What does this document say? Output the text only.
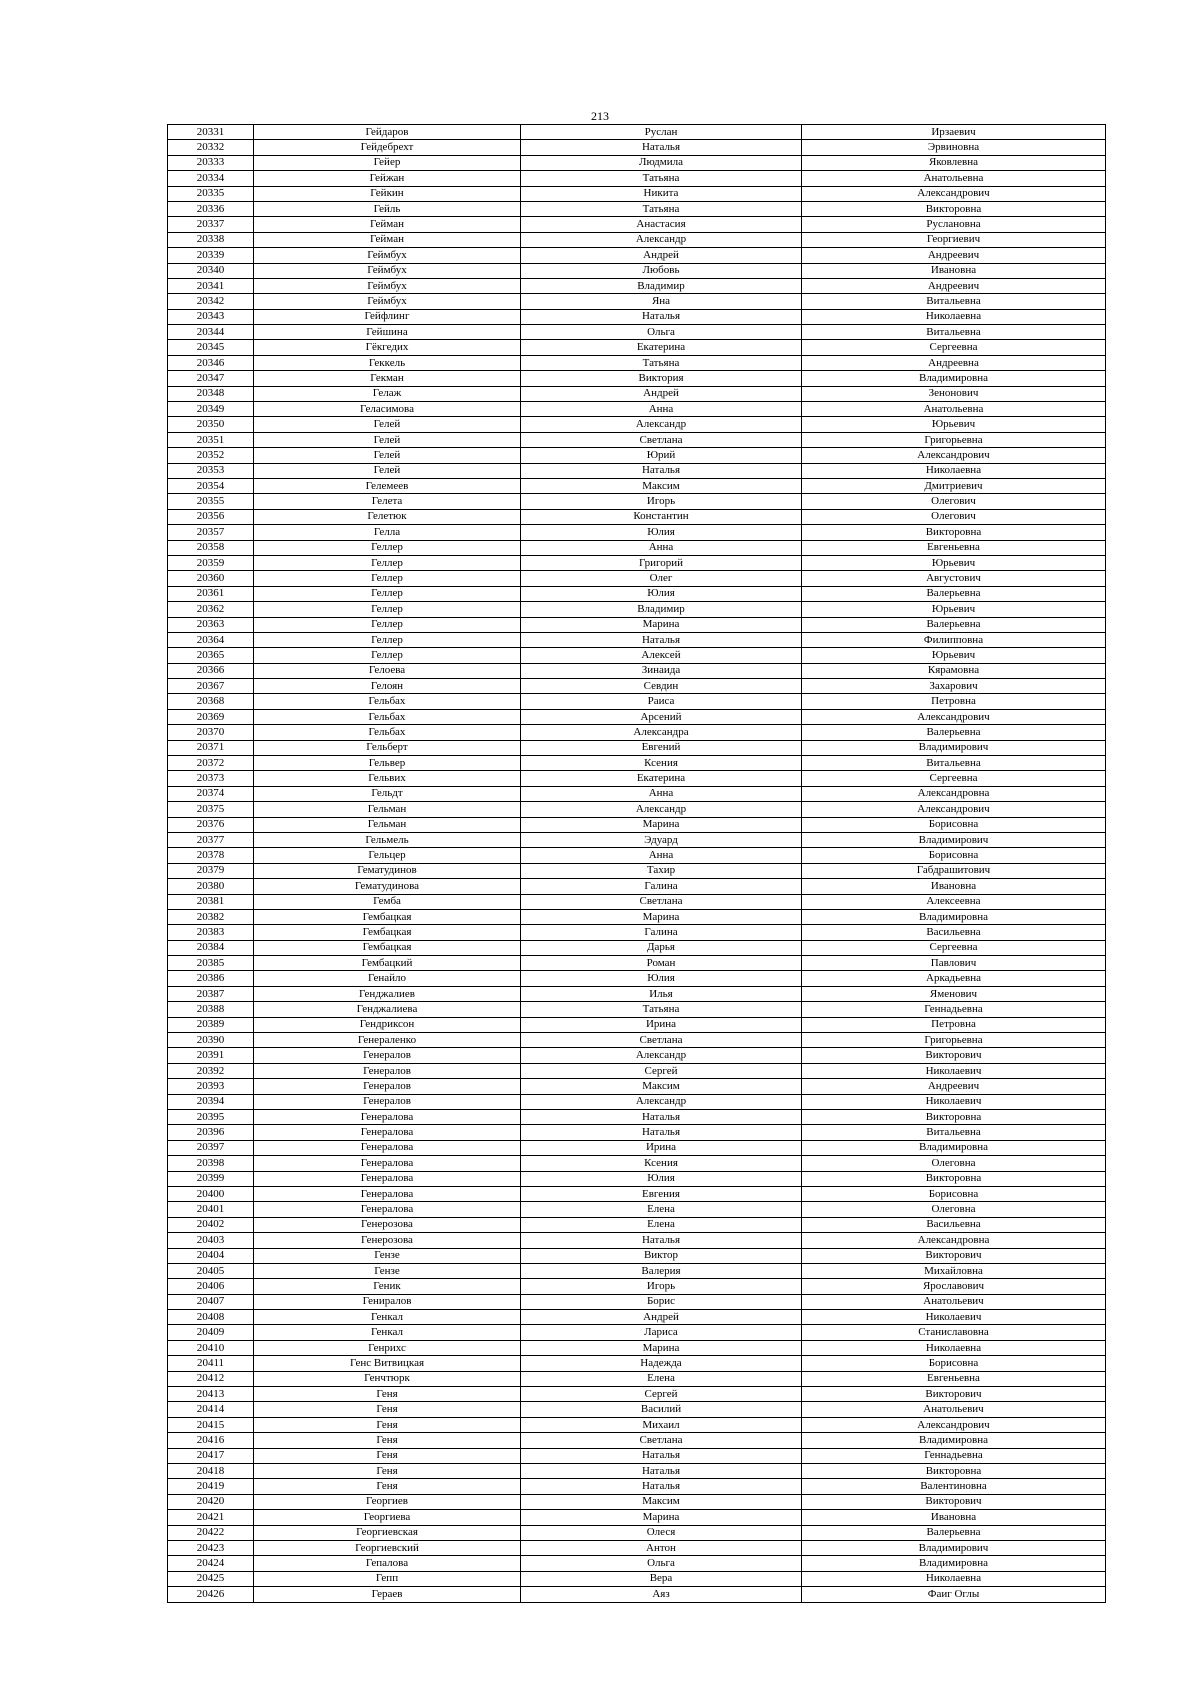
213
20331	Гейдаров	Руслан	Ирзаевич
20332	Гейдебрехт	Наталья	Эрвиновна
20333	Гейер	Людмила	Яковлевна
20334	Гейжан	Татьяна	Анатольевна
20335	Гейкин	Никита	Александрович
20336	Гейль	Татьяна	Викторовна
20337	Гейман	Анастасия	Руслановна
20338	Гейман	Александр	Георгиевич
20339	Геймбух	Андрей	Андреевич
20340	Геймбух	Любовь	Ивановна
20341	Геймбух	Владимир	Андреевич
20342	Геймбух	Яна	Витальевна
20343	Гейфлинг	Наталья	Николаевна
20344	Гейшина	Ольга	Витальевна
20345	Гёкгедих	Екатерина	Сергеевна
20346	Геккель	Татьяна	Андреевна
20347	Гекман	Виктория	Владимировна
20348	Гелаж	Андрей	Зенонович
20349	Геласимова	Анна	Анатольевна
20350	Гелей	Александр	Юрьевич
20351	Гелей	Светлана	Григорьевна
20352	Гелей	Юрий	Александрович
20353	Гелей	Наталья	Николаевна
20354	Гелемеев	Максим	Дмитриевич
20355	Гелета	Игорь	Олегович
20356	Гелетюк	Константин	Олегович
20357	Гелла	Юлия	Викторовна
20358	Геллер	Анна	Евгеньевна
20359	Геллер	Григорий	Юрьевич
20360	Геллер	Олег	Августович
20361	Геллер	Юлия	Валерьевна
20362	Геллер	Владимир	Юрьевич
20363	Геллер	Марина	Валерьевна
20364	Геллер	Наталья	Филипповна
20365	Геллер	Алексей	Юрьевич
20366	Гелоева	Зинаида	Кярамовна
20367	Гелоян	Севдин	Захарович
20368	Гельбах	Раиса	Петровна
20369	Гельбах	Арсений	Александрович
20370	Гельбах	Александра	Валерьевна
20371	Гельберт	Евгений	Владимирович
20372	Гельвер	Ксения	Витальевна
20373	Гельвих	Екатерина	Сергеевна
20374	Гельдт	Анна	Александровна
20375	Гельман	Александр	Александрович
20376	Гельман	Марина	Борисовна
20377	Гельмель	Эдуард	Владимирович
20378	Гельцер	Анна	Борисовна
20379	Гематудинов	Тахир	Габдрашитович
20380	Гематудинова	Галина	Ивановна
20381	Гемба	Светлана	Алексеевна
20382	Гембацкая	Марина	Владимировна
20383	Гембацкая	Галина	Васильевна
20384	Гембацкая	Дарья	Сергеевна
20385	Гембацкий	Роман	Павлович
20386	Генайло	Юлия	Аркадьевна
20387	Генджалиев	Илья	Яменович
20388	Генджалиева	Татьяна	Геннадьевна
20389	Гендриксон	Ирина	Петровна
20390	Генераленко	Светлана	Григорьевна
20391	Генералов	Александр	Викторович
20392	Генералов	Сергей	Николаевич
20393	Генералов	Максим	Андреевич
20394	Генералов	Александр	Николаевич
20395	Генералова	Наталья	Викторовна
20396	Генералова	Наталья	Витальевна
20397	Генералова	Ирина	Владимировна
20398	Генералова	Ксения	Олеговна
20399	Генералова	Юлия	Викторовна
20400	Генералова	Евгения	Борисовна
20401	Генералова	Елена	Олеговна
20402	Генерозова	Елена	Васильевна
20403	Генерозова	Наталья	Александровна
20404	Гензе	Виктор	Викторович
20405	Гензе	Валерия	Михайловна
20406	Геник	Игорь	Ярославович
20407	Гениралов	Борис	Анатольевич
20408	Генкал	Андрей	Николаевич
20409	Генкал	Лариса	Станиславовна
20410	Генрихс	Марина	Николаевна
20411	Генс Витвицкая	Надежда	Борисовна
20412	Генчтюрк	Елена	Евгеньевна
20413	Геня	Сергей	Викторович
20414	Геня	Василий	Анатольевич
20415	Геня	Михаил	Александрович
20416	Геня	Светлана	Владимировна
20417	Геня	Наталья	Геннадьевна
20418	Геня	Наталья	Викторовна
20419	Геня	Наталья	Валентиновна
20420	Георгиев	Максим	Викторович
20421	Георгиева	Марина	Ивановна
20422	Георгиевская	Олеся	Валерьевна
20423	Георгиевский	Антон	Владимирович
20424	Гепалова	Ольга	Владимировна
20425	Гепп	Вера	Николаевна
20426	Гераев	Аяз	Фаиг Оглы
